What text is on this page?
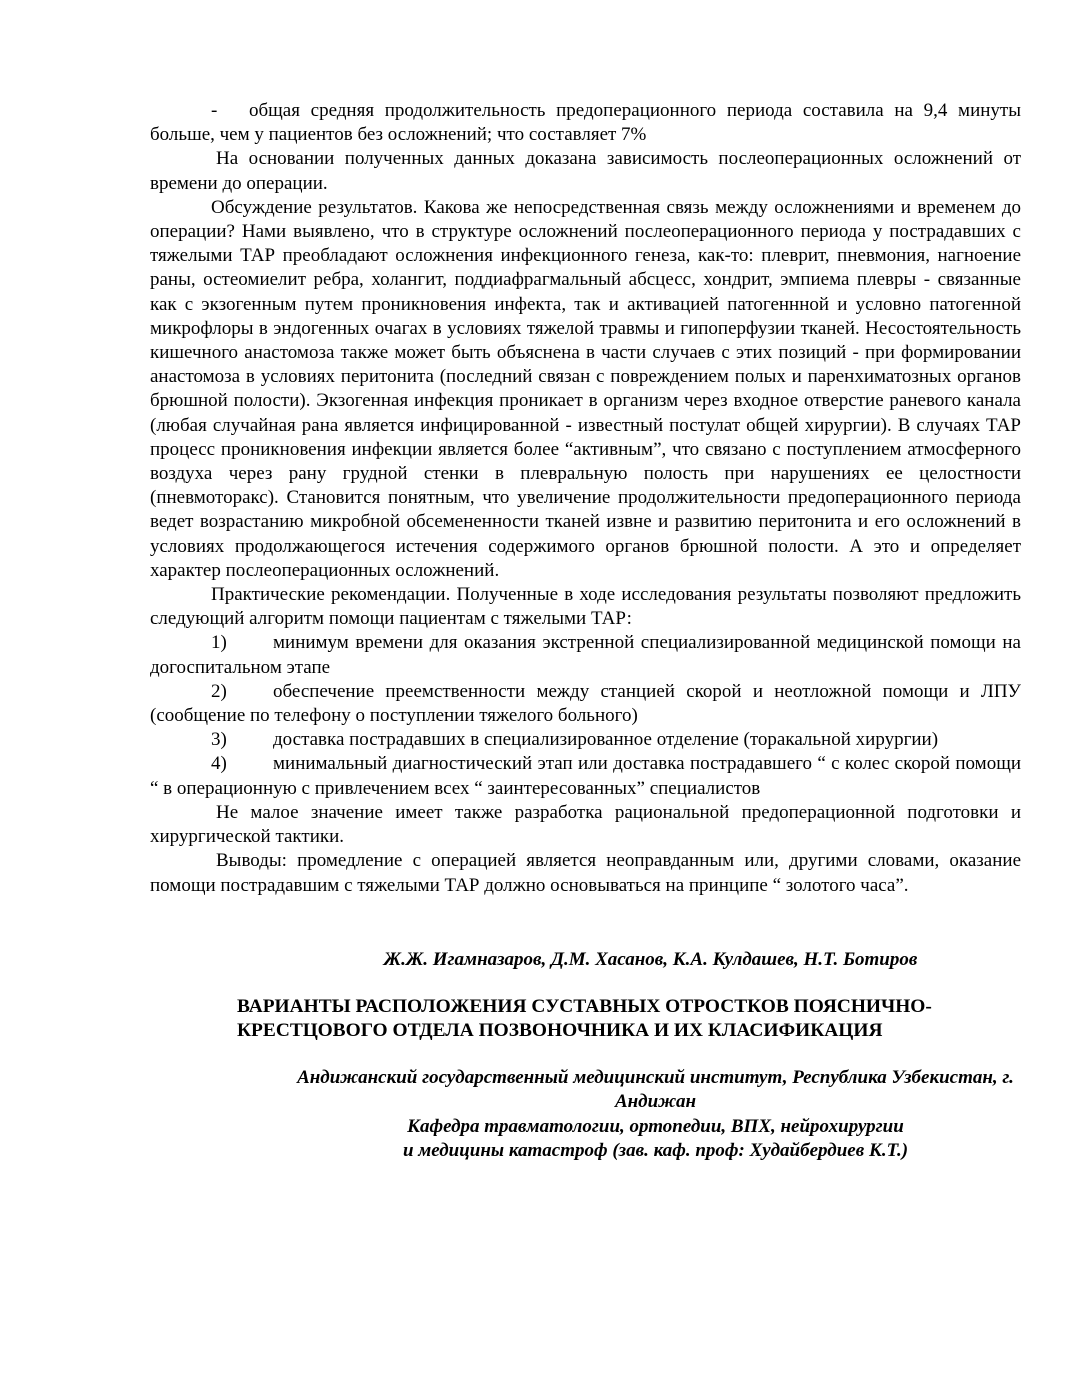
- общая средняя продолжительность предоперационного периода составила на 9,4 минуты больше, чем у пациентов без осложнений; что составляет 7%

На основании полученных данных доказана зависимость послеоперационных осложнений от времени до операции.

Обсуждение результатов. Какова же непосредственная связь между осложнениями и временем до операции? Нами выявлено, что в структуре осложнений послеоперационного периода у пострадавших с тяжелыми ТАР преобладают осложнения инфекционного генеза, как-то: плеврит, пневмония, нагноение раны, остеомиелит ребра, холангит, поддиафрагмальный абсцесс, хондрит, эмпиема плевры - связанные как с экзогенным путем проникновения инфекта, так и активацией патогеннной и условно патогенной микрофлоры в эндогенных очагах в условиях тяжелой травмы и гипоперфузии тканей. Несостоятельность кишечного анастомоза также может быть объяснена в части случаев с этих позиций - при формировании анастомоза в условиях перитонита (последний связан с повреждением полых и паренхиматозных органов брюшной полости). Экзогенная инфекция проникает в организм через входное отверстие раневого канала (любая случайная рана является инфицированной - известный постулат общей хирургии). В случаях ТАР процесс проникновения инфекции является более “активным”, что связано с поступлением атмосферного воздуха через рану грудной стенки в плевральную полость при нарушениях ее целостности (пневмоторакс). Становится понятным, что увеличение продолжительности предоперационного периода ведет возрастанию микробной обсемененности тканей извне и развитию перитонита и его осложнений в условиях продолжающегося истечения содержимого органов брюшной полости. А это и определяет характер послеоперационных осложнений.

Практические рекомендации. Полученные в ходе исследования результаты позволяют предложить следующий алгоритм помощи пациентам с тяжелыми ТАР:

1) минимум времени для оказания экстренной специализированной медицинской помощи на догоспитальном этапе

2) обеспечение преемственности между станцией скорой и неотложной помощи и ЛПУ (сообщение по телефону о поступлении тяжелого больного)

3) доставка пострадавших в специализированное отделение (торакальной хирургии)

4) минимальный диагностический этап или доставка пострадавшего “ с колес скорой помощи “ в операционную с привлечением всех “ заинтересованных” специалистов

Не малое значение имеет также разработка рациональной предоперационной подготовки и хирургической тактики.

Выводы: промедление с операцией является неоправданным или, другими словами, оказание помощи пострадавшим с тяжелыми ТАР должно основываться на принципе “ золотого часа”.

Ж.Ж. Игамназаров, Д.М. Хасанов, К.А. Кулдашев, Н.Т. Ботиров
ВАРИАНТЫ РАСПОЛОЖЕНИЯ СУСТАВНЫХ ОТРОСТКОВ ПОЯСНИЧНО-
КРЕСТЦОВОГО ОТДЕЛА ПОЗВОНОЧНИКА И ИХ КЛАСИФИКАЦИЯ
Андижанский государственный медицинский институт, Республика Узбекистан, г.
Андижан
Кафедра травматологии, ортопедии, ВПХ, нейрохирургии
и медицины катастроф (зав. каф. проф: Худайбердиев К.Т.)
